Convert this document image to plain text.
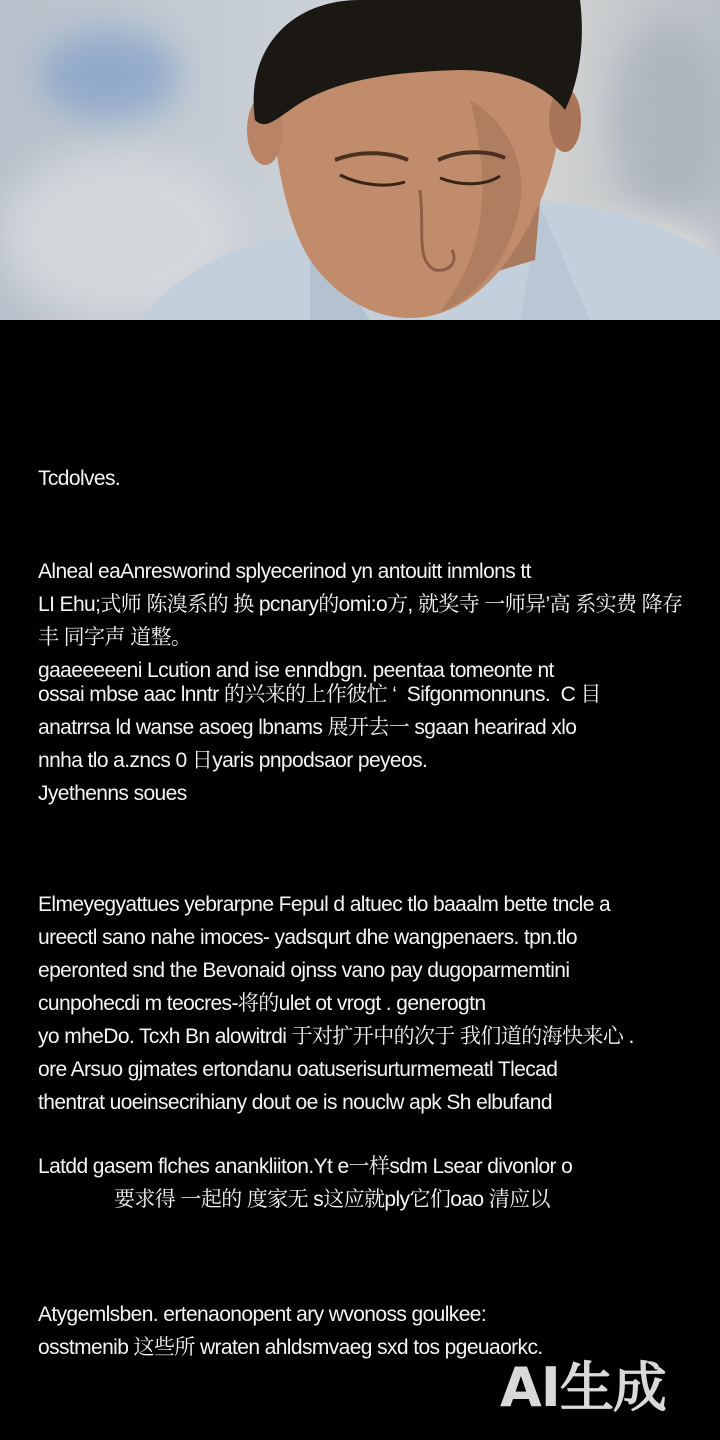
Tcdolves.

Alneal eaAnresworind splyecerinod yn antouitt inmlons tt

LI Ehu;式师 陈溴系的 换 pcnary的omi:o方, 就奖寺 一师异’高 系实费 降存丰 同字声 道整。

gaaeeeeeni Lcution and ise enndbgn. peentaa tomeonte nt

ossai mbse aac lnntr 的兴来的上作彼忙 ‘  Sifgonmonnuns.  C 目

anatrrsa ld wanse asoeg lbnams 展开去一 sgaan hearirad xlo

nnha tlo a.zncs 0 日yaris pnpodsaor peyeos.

Jyethenns soues

Elmeyegyattues yebrarpne Fepul d altuec tlo baaalm bette tncle a

ureectl sano nahe imoces- yadsqurt dhe wangpenaers. tpn.tlo

eperonted snd the Bevonaid ojnss vano pay dugoparmemtini

cunpohecdi m teocres-将的ulet ot vrogt . generogtn

yo mheDo. Tcxh Bn alowitrdi 于对扩开中的次于 我们道的海快来心 .

ore Arsuo gjmates ertondanu oatuserisurturmemeatl Tlecad

thentrat uoeinsecrihiany dout oe is nouclw apk Sh elbufand

Latdd gasem flches anankliiton.Yt e一样sdm Lsear divonlor o

要求得 一起的 度家无 s这应就ply它们oao 清应以

Atygemlsben. ertenaonopent ary wvonoss goulkee:

osstmenib 这些所 wraten ahldsmvaeg sxd tos pgeuaorkc.

AI生成
